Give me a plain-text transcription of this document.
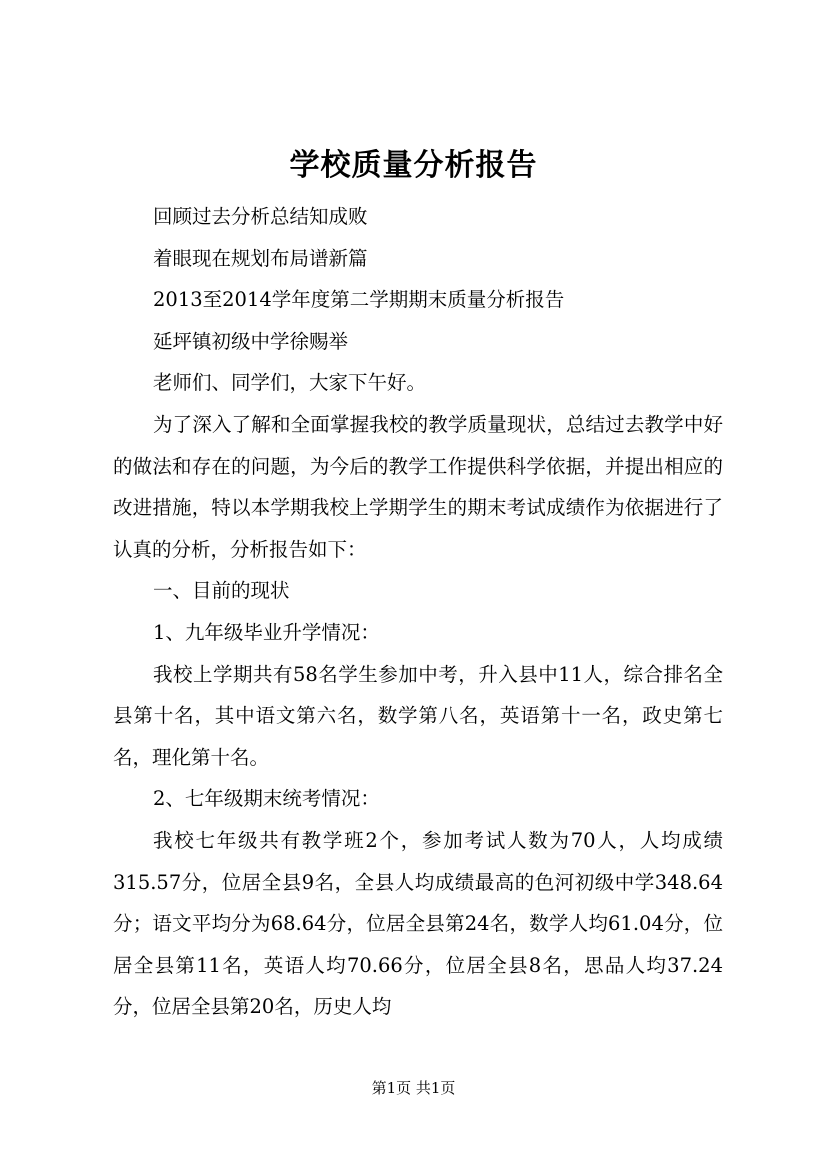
学校质量分析报告
回顾过去分析总结知成败
着眼现在规划布局谱新篇
2013至2014学年度第二学期期末质量分析报告
延坪镇初级中学徐赐举
老师们、同学们，大家下午好。

为了深入了解和全面掌握我校的教学质量现状，总结过去教学中好的做法和存在的问题，为今后的教学工作提供科学依据，并提出相应的改进措施，特以本学期我校上学期学生的期末考试成绩作为依据进行了认真的分析，分析报告如下：

一、目前的现状

1、九年级毕业升学情况：

我校上学期共有58名学生参加中考，升入县中11人，综合排名全县第十名，其中语文第六名，数学第八名，英语第十一名，政史第七名，理化第十名。

2、七年级期末统考情况：

我校七年级共有教学班2个，参加考试人数为70人，人均成绩315.57分，位居全县9名，全县人均成绩最高的色河初级中学348.64分；语文平均分为68.64分，位居全县第24名，数学人均61.04分，位居全县第11名，英语人均70.66分，位居全县8名，思品人均37.24分，位居全县第20名，历史人均

第1页 共1页
